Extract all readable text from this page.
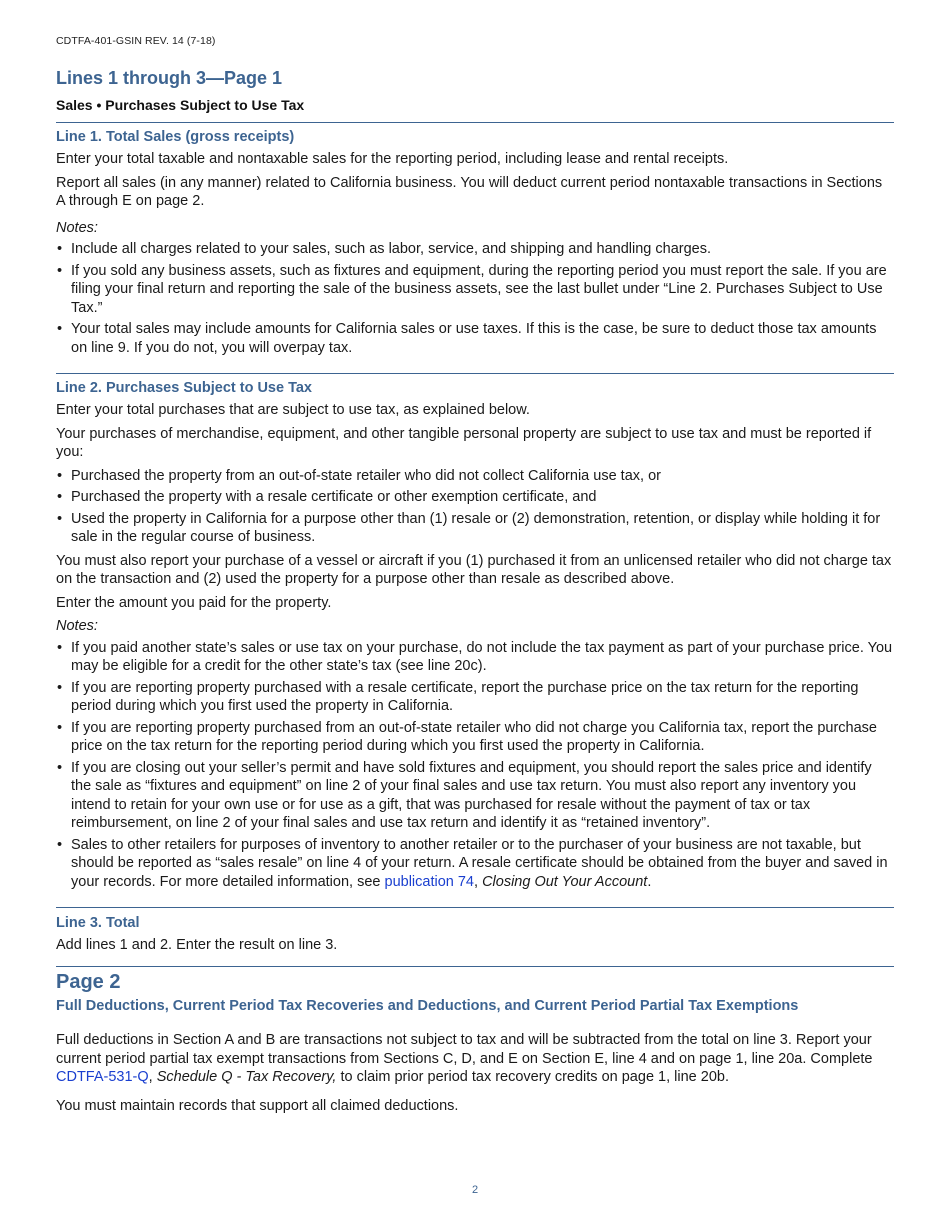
CDTFA-401-GSIN REV. 14 (7-18)
Lines 1 through 3—Page 1
Sales • Purchases Subject to Use Tax
Line 1. Total Sales (gross receipts)

Enter your total taxable and nontaxable sales for the reporting period, including lease and rental receipts.

Report all sales (in any manner) related to California business. You will deduct current period nontaxable transactions in Sections A through E on page 2.

Notes:
• Include all charges related to your sales, such as labor, service, and shipping and handling charges.
• If you sold any business assets, such as fixtures and equipment, during the reporting period you must report the sale. If you are filing your final return and reporting the sale of the business assets, see the last bullet under “Line 2. Purchases Subject to Use Tax.”
• Your total sales may include amounts for California sales or use taxes. If this is the case, be sure to deduct those tax amounts on line 9. If you do not, you will overpay tax.
Line 2. Purchases Subject to Use Tax

Enter your total purchases that are subject to use tax, as explained below.

Your purchases of merchandise, equipment, and other tangible personal property are subject to use tax and must be reported if you:

• Purchased the property from an out-of-state retailer who did not collect California use tax, or
• Purchased the property with a resale certificate or other exemption certificate, and
• Used the property in California for a purpose other than (1) resale or (2) demonstration, retention, or display while holding it for sale in the regular course of business.

You must also report your purchase of a vessel or aircraft if you (1) purchased it from an unlicensed retailer who did not charge tax on the transaction and (2) used the property for a purpose other than resale as described above.

Enter the amount you paid for the property.

Notes:
• If you paid another state’s sales or use tax on your purchase, do not include the tax payment as part of your purchase price. You may be eligible for a credit for the other state’s tax (see line 20c).
• If you are reporting property purchased with a resale certificate, report the purchase price on the tax return for the reporting period during which you first used the property in California.
• If you are reporting property purchased from an out-of-state retailer who did not charge you California tax, report the purchase price on the tax return for the reporting period during which you first used the property in California.
• If you are closing out your seller’s permit and have sold fixtures and equipment, you should report the sales price and identify the sale as “fixtures and equipment” on line 2 of your final sales and use tax return. You must also report any inventory you intend to retain for your own use or for use as a gift, that was purchased for resale without the payment of tax or tax reimbursement, on line 2 of your final sales and use tax return and identify it as “retained inventory”.
• Sales to other retailers for purposes of inventory to another retailer or to the purchaser of your business are not taxable, but should be reported as “sales resale” on line 4 of your return. A resale certificate should be obtained from the buyer and saved in your records. For more detailed information, see publication 74, Closing Out Your Account.
Line 3. Total

Add lines 1 and 2. Enter the result on line 3.

Page 2
Full Deductions, Current Period Tax Recoveries and Deductions, and Current Period Partial Tax Exemptions

Full deductions in Section A and B are transactions not subject to tax and will be subtracted from the total on line 3. Report your current period partial tax exempt transactions from Sections C, D, and E on Section E, line 4 and on page 1, line 20a. Complete CDTFA-531-Q, Schedule Q - Tax Recovery, to claim prior period tax recovery credits on page 1, line 20b.

You must maintain records that support all claimed deductions.

2
